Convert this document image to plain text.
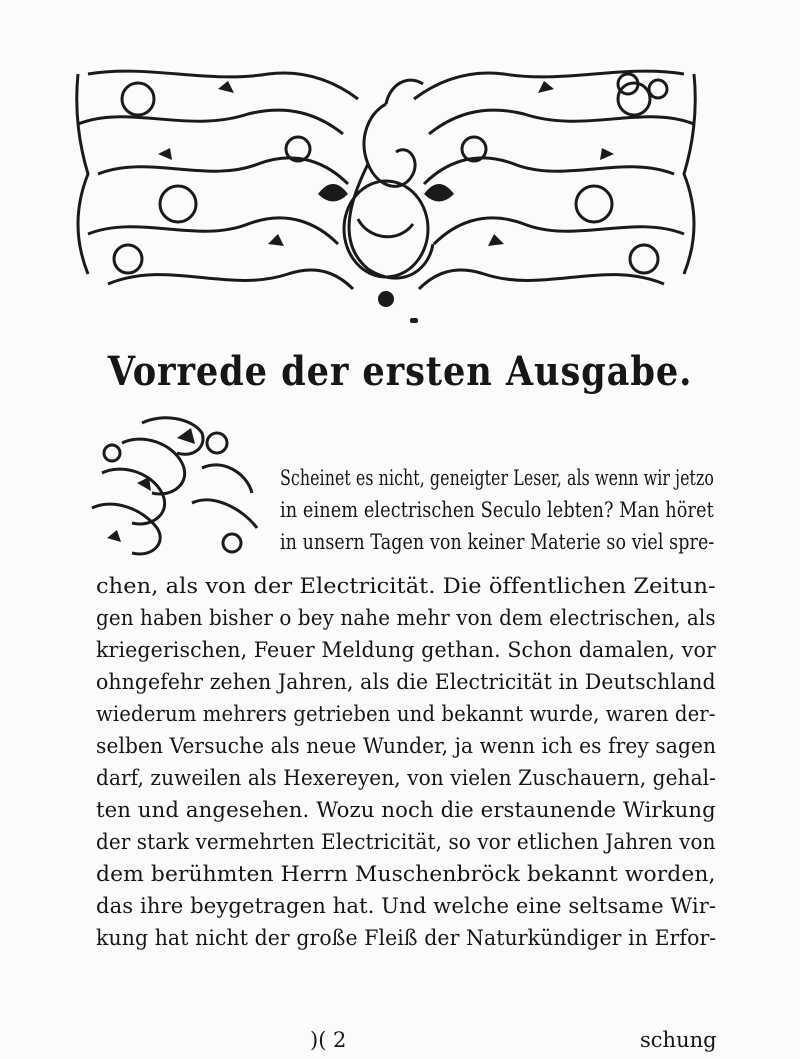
Vorrede der ersten Ausgabe.
Scheinet es nicht, geneigter Leser, als wenn wir jetzo
in einem electrischen Seculo lebten? Man höret
in unsern Tagen von keiner Materie so viel spre-
chen, als von der Electricität. Die öffentlichen Zeitun-
gen haben bisher o bey nahe mehr von dem electrischen, als
kriegerischen, Feuer Meldung gethan. Schon damalen, vor
ohngefehr zehen Jahren, als die Electricität in Deutschland
wiederum mehrers getrieben und bekannt wurde, waren der-
selben Versuche als neue Wunder, ja wenn ich es frey sagen
darf, zuweilen als Hexereyen, von vielen Zuschauern, gehal-
ten und angesehen. Wozu noch die erstaunende Wirkung
der stark vermehrten Electricität, so vor etlichen Jahren von
dem berühmten Herrn Muschenbröck bekannt worden,
das ihre beygetragen hat. Und welche eine seltsame Wir-
kung hat nicht der große Fleiß der Naturkündiger in Erfor-
)( 2	schung
